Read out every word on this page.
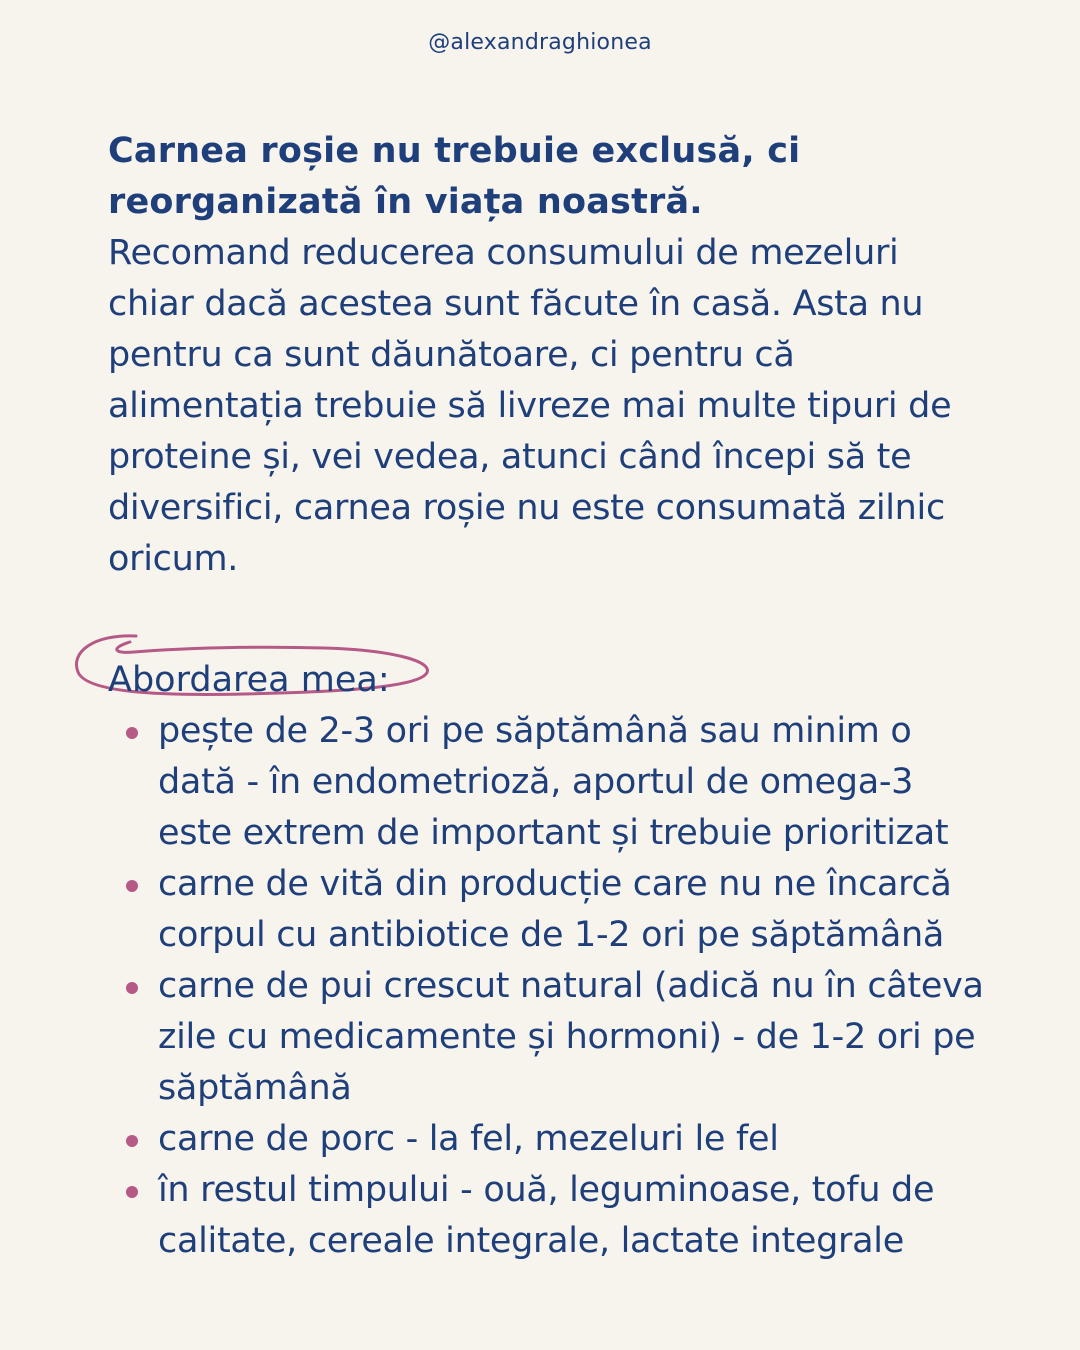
@alexandraghionea

Carnea roșie nu trebuie exclusă, ci reorganizată în viața noastră.

Recomand reducerea consumului de mezeluri chiar dacă acestea sunt făcute în casă. Asta nu pentru ca sunt dăunătoare, ci pentru că alimentația trebuie să livreze mai multe tipuri de proteine și, vei vedea, atunci când începi să te diversifici, carnea roșie nu este consumată zilnic oricum.

Abordarea mea:
pește de 2-3 ori pe săptămână sau minim o dată - în endometrioză, aportul de omega-3 este extrem de important și trebuie prioritizat
carne de vită din producție care nu ne încarcă corpul cu antibiotice de 1-2 ori pe săptămână
carne de pui crescut natural (adică nu în câteva zile cu medicamente și hormoni) - de 1-2 ori pe săptămână
carne de porc - la fel, mezeluri le fel
în restul timpului - ouă, leguminoase, tofu de calitate, cereale integrale, lactate integrale
